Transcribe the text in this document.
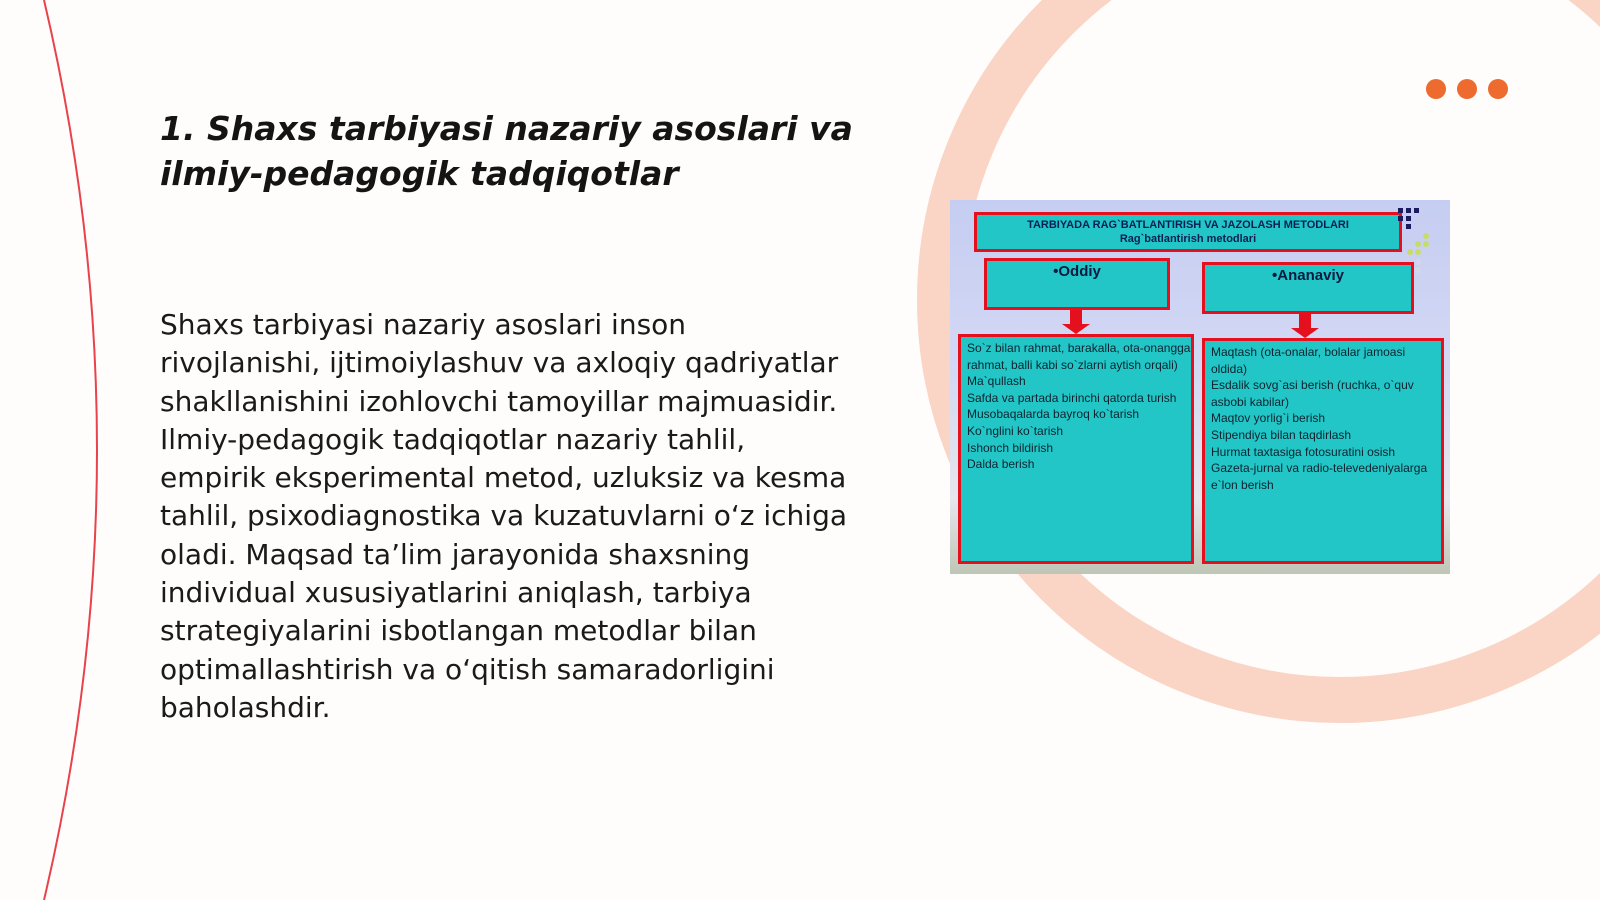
1. Shaxs tarbiyasi nazariy asoslari va ilmiy-pedagogik tadqiqotlar

Shaxs tarbiyasi nazariy asoslari inson rivojlanishi, ijtimoiylashuv va axloqiy qadriyatlar shakllanishini izohlovchi tamoyillar majmuasidir. Ilmiy-pedagogik tadqiqotlar nazariy tahlil, empirik eksperimental metod, uzluksiz va kesma tahlil, psixodiagnostika va kuzatuvlarni o‘z ichiga oladi. Maqsad ta’lim jarayonida shaxsning individual xususiyatlarini aniqlash, tarbiya strategiyalarini isbotlangan metodlar bilan optimallashtirish va o‘qitish samaradorligini baholashdir.

TARBIYADA RAG`BATLANTIRISH VA JAZOLASH METODLARI
Rag`batlantirish metodlari
•Oddiy	•Ananaviy
So`z bilan rahmat, barakalla, ota-onangga rahmat, balli kabi so`zlarni aytish orqali)
Ma`qullash
Safda va partada birinchi qatorda turish
Musobaqalarda bayroq ko`tarish
Ko`nglini ko`tarish
Ishonch bildirish
Dalda berish
Maqtash (ota-onalar, bolalar jamoasi oldida)
Esdalik sovg`asi berish (ruchka, o`quv asbobi kabilar)
Maqtov yorlig`i berish
Stipendiya bilan taqdirlash
Hurmat taxtasiga fotosuratini osish
Gazeta-jurnal va radio-televedeniyalarga e`lon berish
